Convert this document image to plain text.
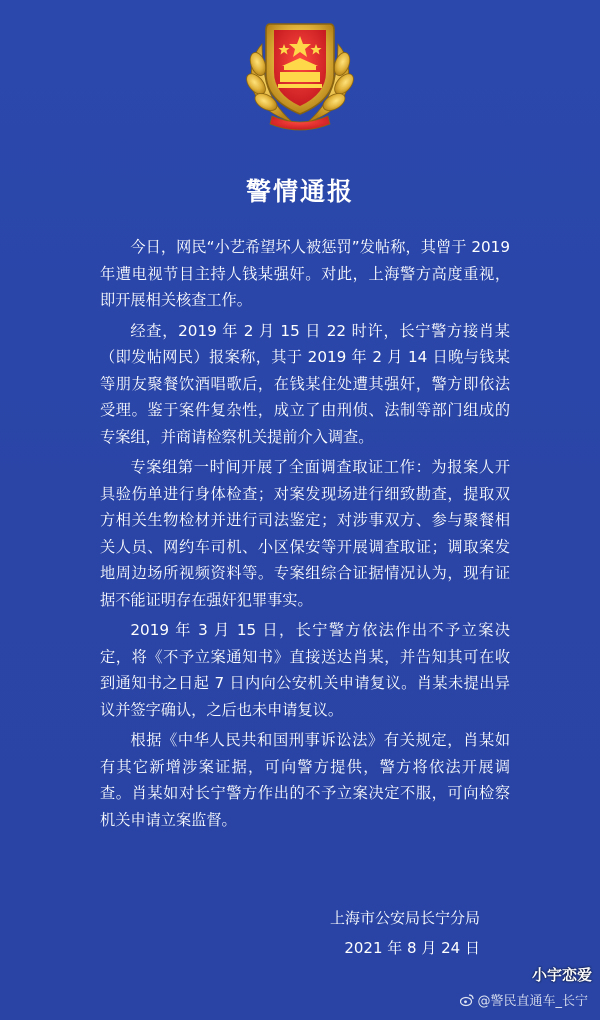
警情通报

今日，网民“小艺希望坏人被惩罚”发帖称，其曾于 2019 年遭电视节目主持人钱某强奸。对此，上海警方高度重视，即开展相关核查工作。

经查，2019 年 2 月 15 日 22 时许，长宁警方接肖某（即发帖网民）报案称，其于 2019 年 2 月 14 日晚与钱某等朋友聚餐饮酒唱歌后，在钱某住处遭其强奸，警方即依法受理。鉴于案件复杂性，成立了由刑侦、法制等部门组成的专案组，并商请检察机关提前介入调查。

专案组第一时间开展了全面调查取证工作：为报案人开具验伤单进行身体检查；对案发现场进行细致勘查，提取双方相关生物检材并进行司法鉴定；对涉事双方、参与聚餐相关人员、网约车司机、小区保安等开展调查取证；调取案发地周边场所视频资料等。专案组综合证据情况认为，现有证据不能证明存在强奸犯罪事实。

2019 年 3 月 15 日，长宁警方依法作出不予立案决定，将《不予立案通知书》直接送达肖某，并告知其可在收到通知书之日起 7 日内向公安机关申请复议。肖某未提出异议并签字确认，之后也未申请复议。

根据《中华人民共和国刑事诉讼法》有关规定，肖某如有其它新增涉案证据，可向警方提供，警方将依法开展调查。肖某如对长宁警方作出的不予立案决定不服，可向检察机关申请立案监督。

上海市公安局长宁分局
2021 年 8 月 24 日
小宇恋爱
@警民直通车_长宁
